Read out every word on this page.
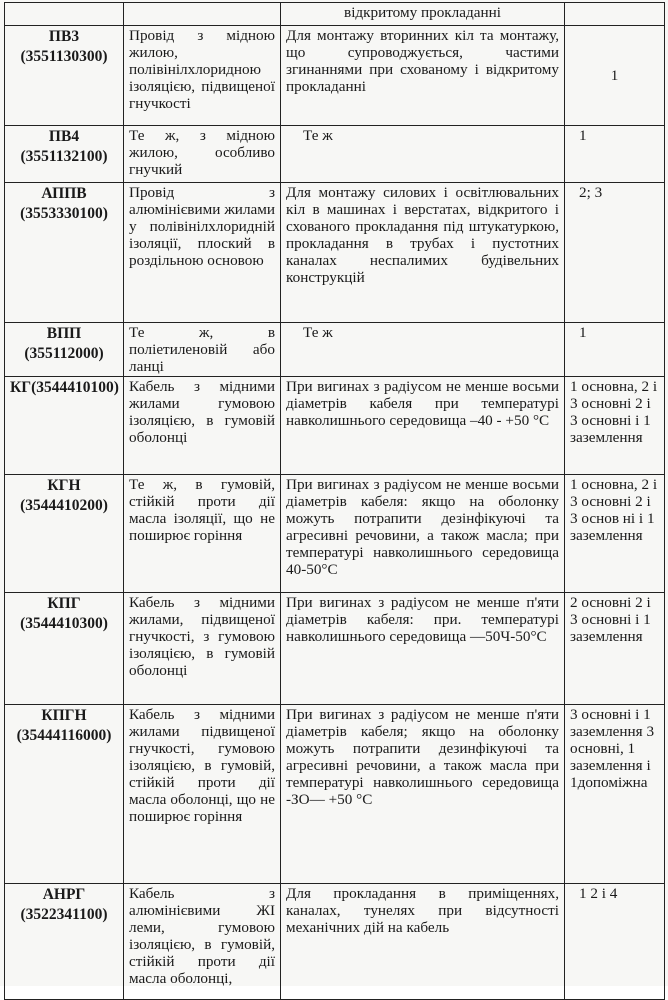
		відкритому прокладанні	

ПВ3
(3551130300)	Провід з мідною жилою, полівінілхлоридною ізоляцією, підвищеної гнучкості	Для монтажу вторинних кіл та монтажу, що супроводжується, частими згинаннями при схованому і відкритому прокладанні	1

ПВ4
(3551132100)	Те ж, з мідною жилою, особливо гнучкий	Те ж	1

АППВ
(3553330100)	Провід з алюмінієвими жилами у полівінілхлоридній ізоляції, плоский в роздільною основою	Для монтажу силових і освітлювальних кіл в машинах і верстатах, відкритого і схованого прокладання під штукатуркою, прокладання в трубах і пустотних каналах неспалимих будівельних конструкцій	2; 3

ВПП
(355112000)	Те ж, в поліетиленовій або ланці	Те ж	1

КГ(3544410100)	Кабель з мідними жилами гумовою ізоляцією, в гумовій оболонці	При вигинах з радіусом не менше восьми діаметрів кабеля при температурі навколишнього середовища –40 - +50 °С	1 основна, 2 і 3 основні 2 і 3 основні і 1 заземлення

КГН
(3544410200)	Те ж, в гумовій, стійкій проти дії масла ізоляції, що не поширює горіння	При вигинах з радіусом не менше восьми діаметрів кабеля: якщо на оболонку можуть потрапити дезінфікуючі та агресивні речовини, а також масла; при температурі навколишнього середовища 40-50°С	1 основна, 2 і 3 основні 2 і 3 основ ні і 1 заземлення

КПГ
(3544410300)	Кабель з мідними жилами, підвищеної гнучкості, з гумовою ізоляцією, в гумовій оболонці	При вигинах з радіусом не менше п'яти діаметрів кабеля: при. температурі навколишнього середовища —50Ч-50°С	2 основні 2 і 3 основні і 1 заземлення

КПГН
(35444116000)	Кабель з мідними жилами підвищеної гнучкості, гумовою ізоляцією, в гумовій, стійкій проти дії масла оболонці, що не поширює горіння	При вигинах з радіусом не менше п'яти діаметрів кабеля; якщо на оболонку можуть потрапити дезинфікуючі та агресивні речовини, а також масла при температурі навколишнього середовища -ЗО— +50 °С	3 основні і 1 заземлення 3 основні, 1 заземлення і 1допоміжна

АНРГ
(3522341100)	Кабель з алюмінієвими ЖІ леми, гумовою ізоляцією, в гумовій, стійкій проти дії масла оболонці,	Для прокладання в приміщеннях, каналах, тунелях при відсутності механічних дій на кабель	1 2 і 4
